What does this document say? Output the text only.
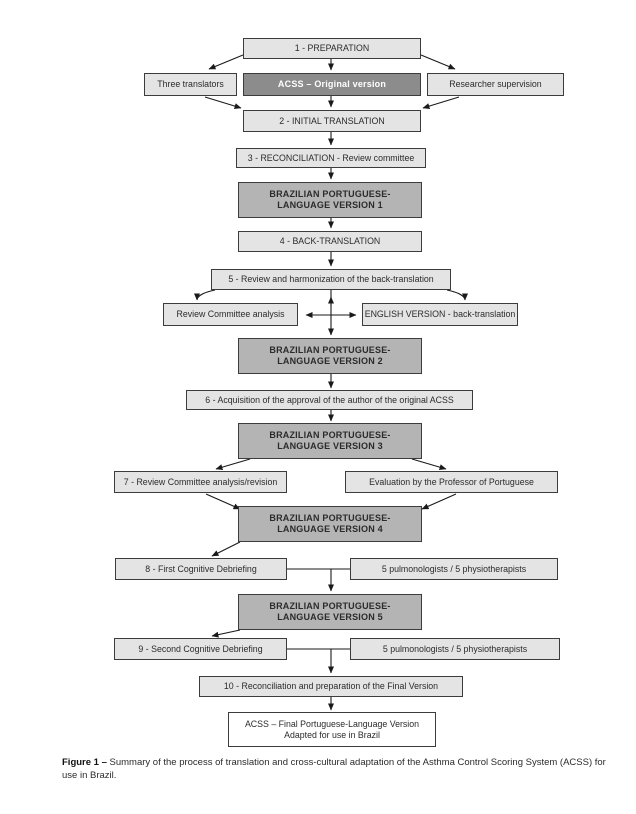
1 - PREPARATION
Three translators	ACSS – Original version	Researcher supervision
2 - INITIAL TRANSLATION
3 - RECONCILIATION - Review committee
BRAZILIAN PORTUGUESE-
LANGUAGE VERSION 1
4 - BACK-TRANSLATION
5 - Review and harmonization of the back-translation
Review Committee analysis	ENGLISH VERSION - back-translation
BRAZILIAN PORTUGUESE-
LANGUAGE VERSION 2
6 - Acquisition of the approval of the author of the original ACSS
BRAZILIAN PORTUGUESE-
LANGUAGE VERSION 3
7 - Review Committee analysis/revision	Evaluation by the Professor of Portuguese
BRAZILIAN PORTUGUESE-
LANGUAGE VERSION 4
8 - First Cognitive Debriefing	5 pulmonologists / 5 physiotherapists
BRAZILIAN PORTUGUESE-
LANGUAGE VERSION 5
9 - Second Cognitive Debriefing	5 pulmonologists / 5 physiotherapists
10 - Reconciliation and preparation of the Final Version
ACSS – Final Portuguese-Language Version
Adapted for use in Brazil
Figure 1 – Summary of the process of translation and cross-cultural adaptation of the Asthma Control Scoring System (ACSS) for use in Brazil.
